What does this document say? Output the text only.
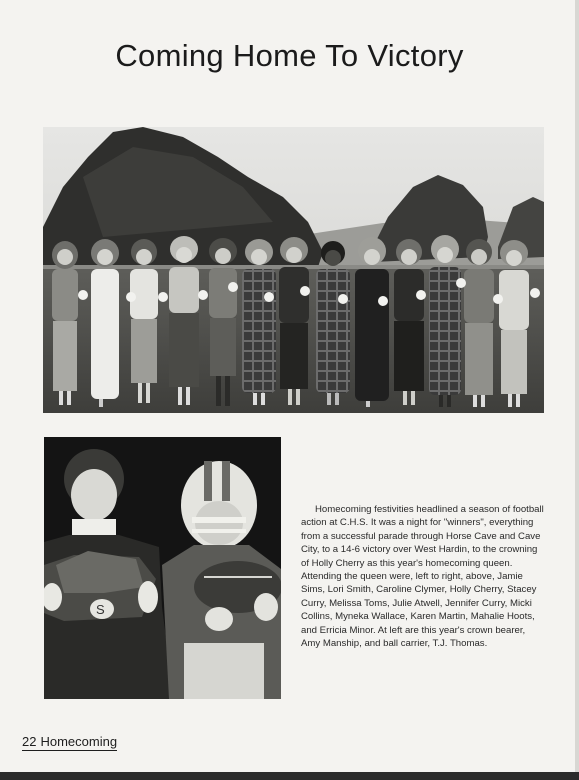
Coming Home To Victory
S
Homecoming festivities headlined a season of football action at C.H.S. It was a night for "winners", everything from a successful parade through Horse Cave and Cave City, to a 14-6 victory over West Hardin, to the crowning of Holly Cherry as this year's homecoming queen. Attending the queen were, left to right, above, Jamie Sims, Lori Smith, Caroline Clymer, Holly Cherry, Stacey Curry, Melissa Toms, Julie Atwell, Jennifer Curry, Micki Collins, Myneka Wallace, Karen Martin, Mahalie Hoots, and Erricia Minor. At left are this year's crown bearer, Amy Manship, and ball carrier, T.J. Thomas.
22 Homecoming
